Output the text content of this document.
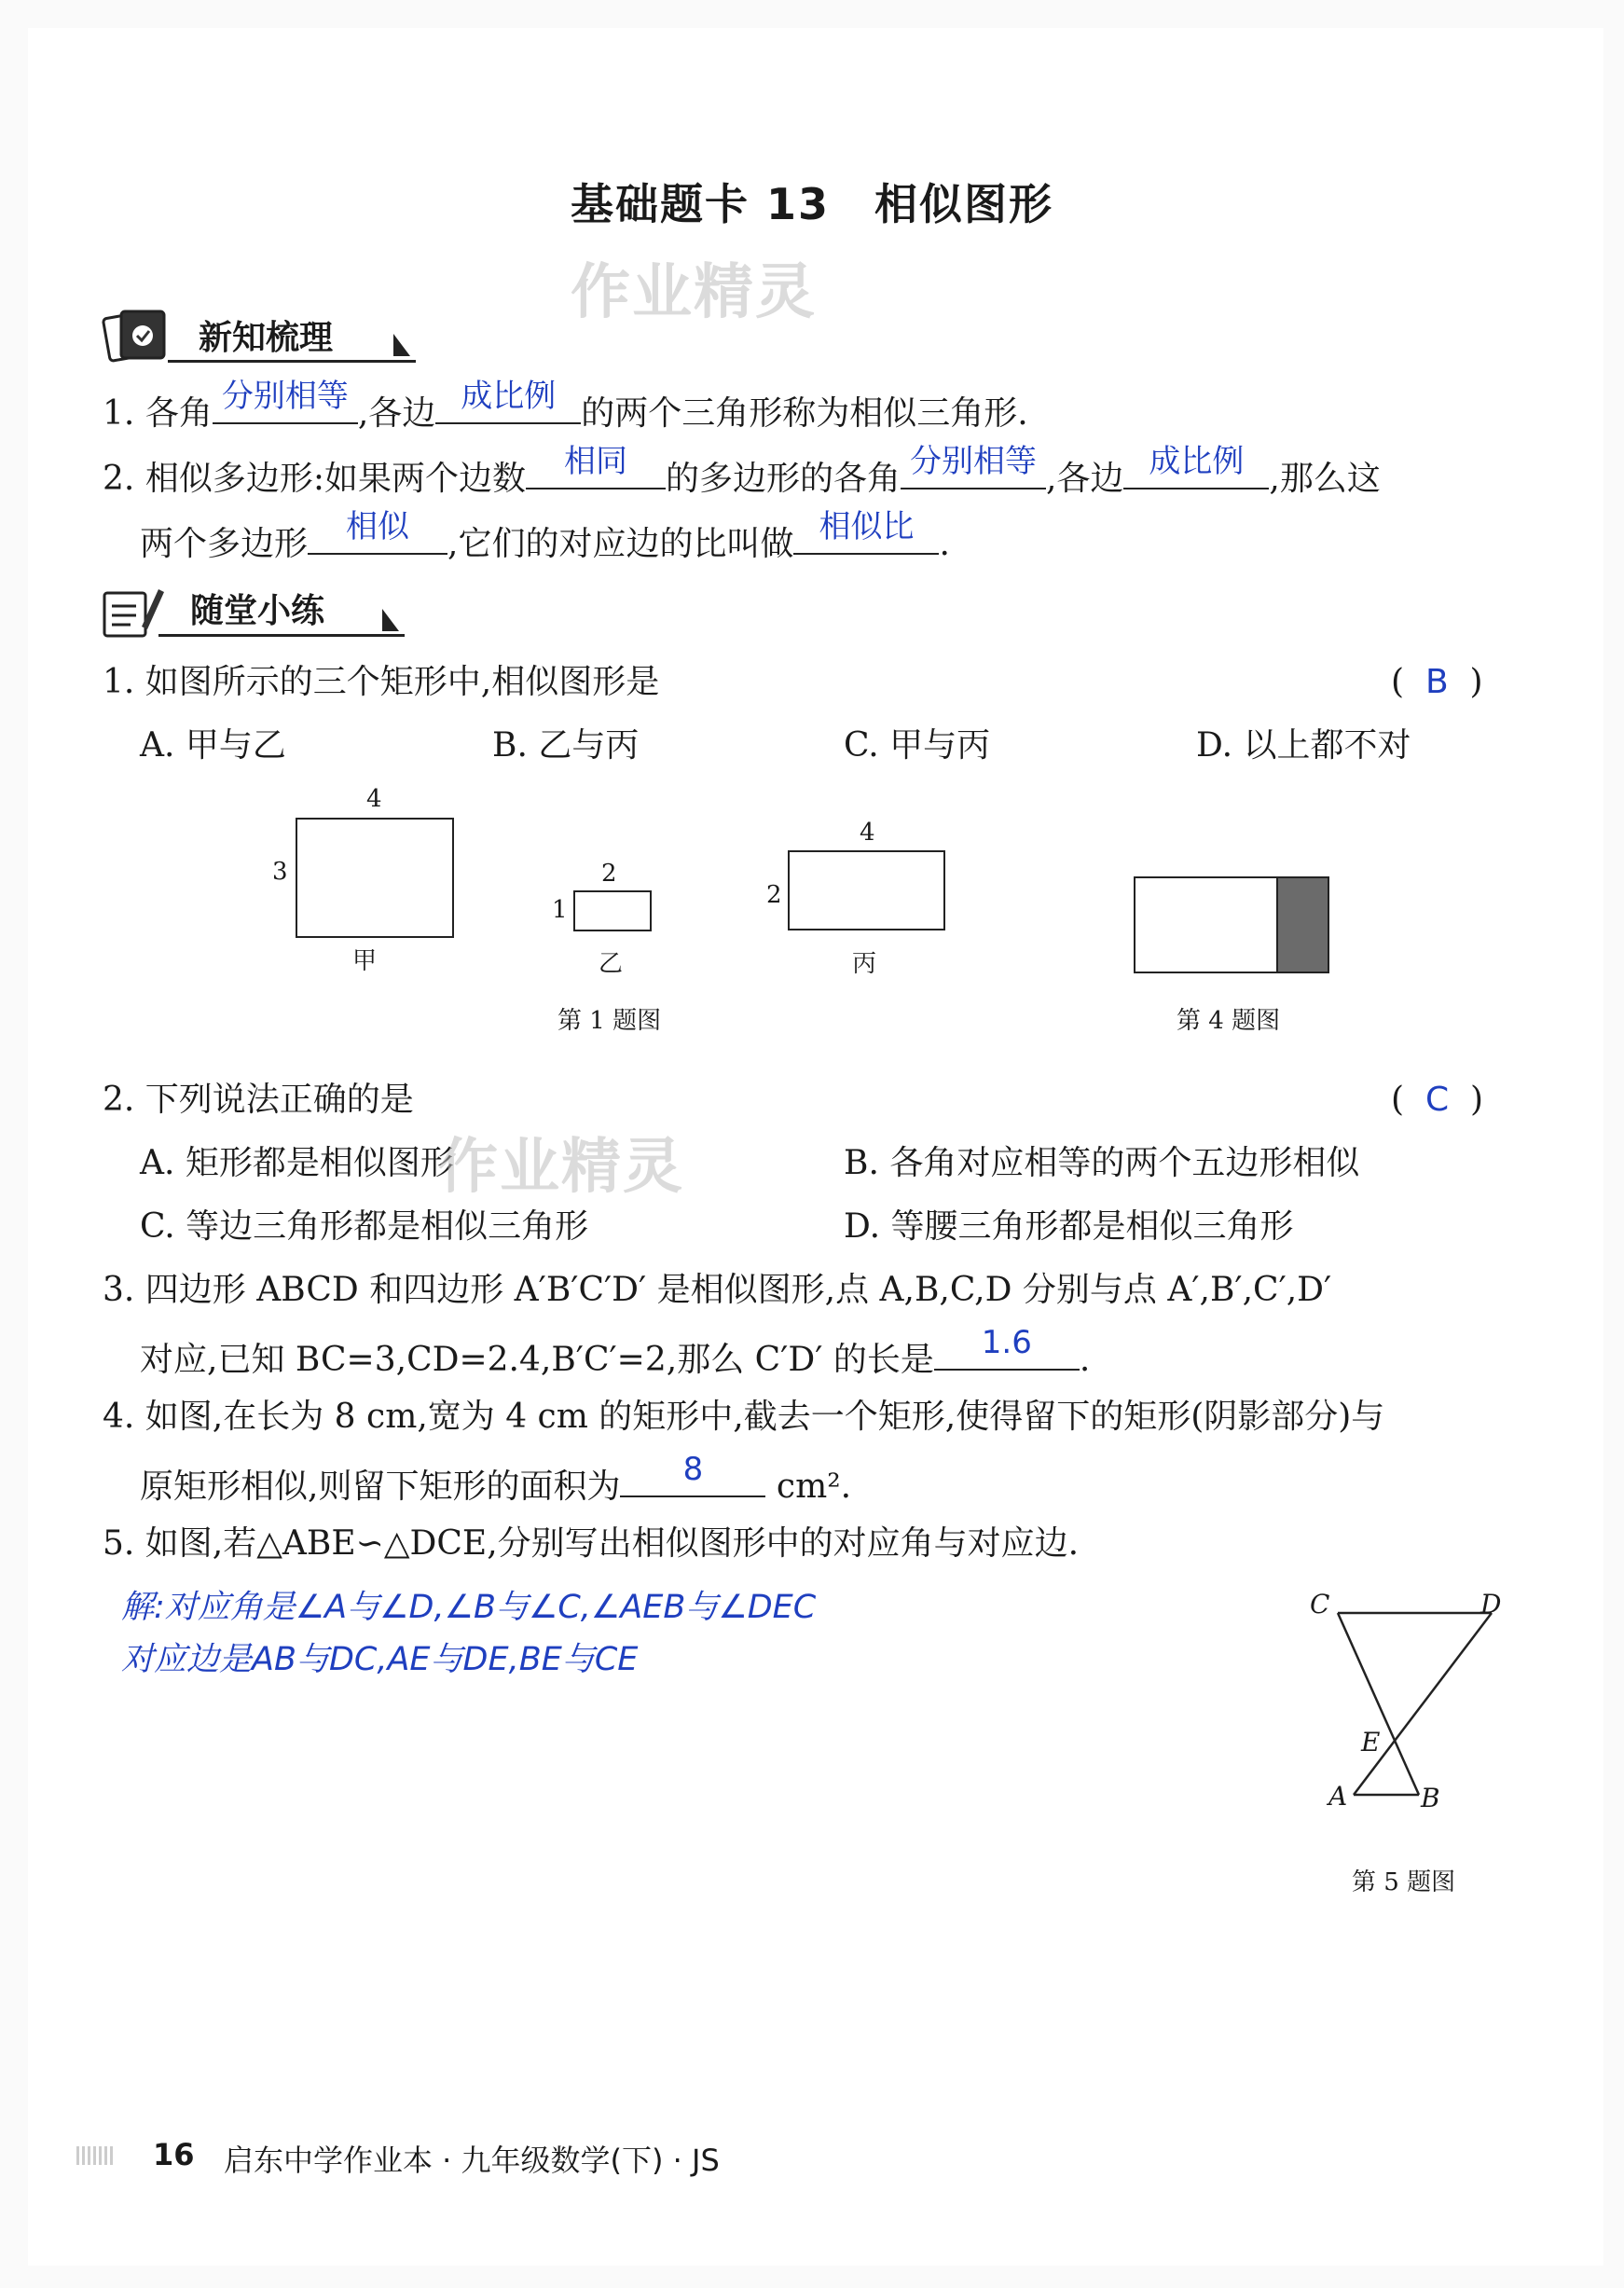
基础题卡 13　相似图形
作业精灵
新知梳理
1. 各角 分别相等 ,各边 成比例 的两个三角形称为相似三角形.
2. 相似多边形:如果两个边数	相同	的多边形的各角 分别相等 ,各边 成比例 ,那么这
两个多边形	相似	,它们的对应边的比叫做 相似比 .
随堂小练
1. 如图所示的三个矩形中,相似图形是	(  B  )
A. 甲与乙	B. 乙与丙	C. 甲与丙	D. 以上都不对
4
3
甲
2
1
乙
4
2
丙
第 1 题图	第 4 题图
2. 下列说法正确的是	(  C  )
A. 矩形都是相似图形	B. 各角对应相等的两个五边形相似
作业精灵
C. 等边三角形都是相似三角形	D. 等腰三角形都是相似三角形
3. 四边形 ABCD 和四边形 A′B′C′D′ 是相似图形,点 A,B,C,D 分别与点 A′,B′,C′,D′
对应,已知 BC=3,CD=2.4,B′C′=2,那么 C′D′ 的长是	1.6	.
4. 如图,在长为 8 cm,宽为 4 cm 的矩形中,截去一个矩形,使得留下的矩形(阴影部分)与
原矩形相似,则留下矩形的面积为	8	cm².
5. 如图,若△ABE∽△DCE,分别写出相似图形中的对应角与对应边.
解:对应角是∠A与∠D,∠B与∠C,∠AEB与∠DEC
对应边是AB与DC,AE与DE,BE与CE
C	D
E
A	B
第 5 题图
16 启东中学作业本 · 九年级数学(下) · JS
